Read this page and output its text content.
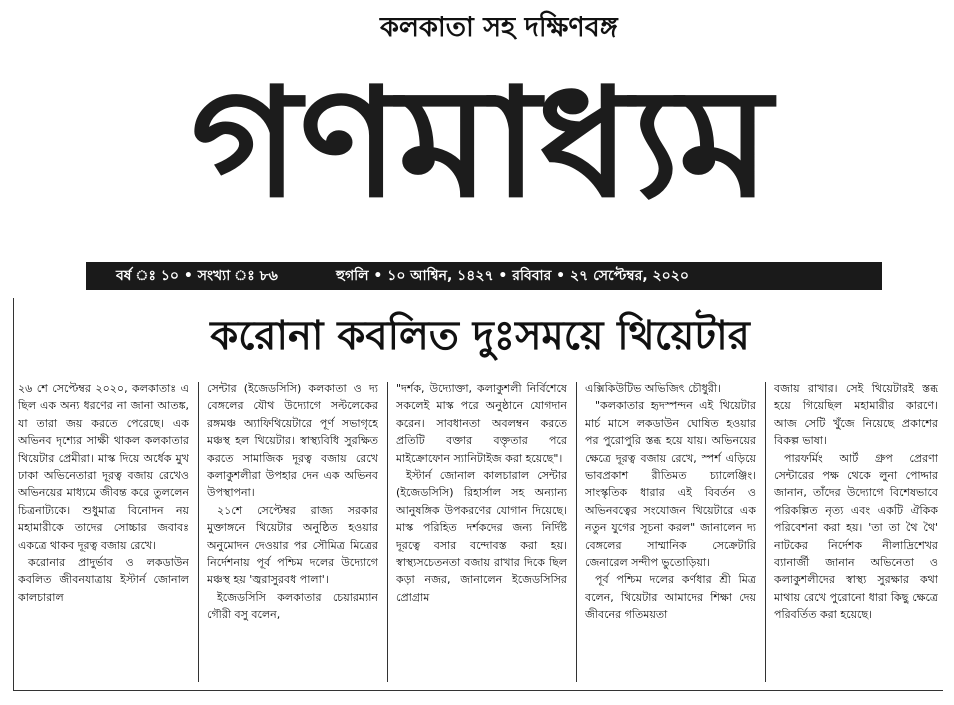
কলকাতা সহ দক্ষিণবঙ্গ
গণমাধ্যম
বর্ষ ঃ ১০ • সংখ্যা ঃ ৮৬	হুগলি • ১০ আশ্বিন, ১৪২৭ • রবিবার • ২৭ সেপ্টেম্বর, ২০২০
করোনা কবলিত দুঃসময়ে থিয়েটার

২৬ শে সেপ্টেম্বর ২০২০, কলকাতাঃ এ ছিল এক অন্য ধরণের না জানা আতঙ্ক, যা তারা জয় করতে পেরেছে। এক অভিনব দৃশ্যের সাক্ষী থাকল কলকাতার থিয়েটার প্রেমীরা। মাস্ক দিয়ে অর্ধেক মুখ ঢাকা অভিনেতারা দূরত্ব বজায় রেখেও অভিনয়ের মাধ্যমে জীবন্ত করে তুললেন চিত্রনাট্যকে। শুধুমাত্র বিনোদন নয় মহামারীকে তাদের সোচ্চার জবাবঃ একত্রে থাকব দূরত্ব বজায় রেখে।

করোনার প্রাদুর্ভাব ও লকডাউন কবলিত জীবনযাত্রায় ইস্টার্ন জোনাল কালচারাল

সেন্টার (ইজেডসিসি) কলকাতা ও দ্য বেঙ্গলের যৌথ উদ্যোগে সল্টলেকের রঙ্গমঞ্চ অ্যাফিথিয়েটারে পূর্ণ সভাগৃহে মঞ্চস্থ হল থিয়েটার। স্বাস্থ্যবিধি সুরক্ষিত করতে সামাজিক দূরত্ব বজায় রেখে কলাকুশলীরা উপহার দেন এক অভিনব উপস্থাপনা।

২১শে সেপ্টেম্বর রাজ্য সরকার মুক্তাঙ্গনে থিয়েটার অনুষ্ঠিত হওয়ার অনুমোদন দেওয়ার পর সৌমিত্র মিত্রের নির্দেশনায় পূর্ব পশ্চিম দলের উদ্যোগে মঞ্চস্থ হয় 'জ্বরাসুরবধ পালা'।

ইজেডসিসি কলকাতার চেয়ারম্যান গৌরী বসু বলেন,

"দর্শক, উদ্যোক্তা, কলাকুশলী নির্বিশেষে সকলেই মাস্ক পরে অনুষ্ঠানে যোগদান করেন। সাবধানতা অবলম্বন করতে প্রতিটি বক্তার বক্তৃতার পরে মাইক্রোফোন স্যানিটাইজ করা হয়েছে"।

ইস্টার্ন জোনাল কালচারাল সেন্টার (ইজেডসিসি) রিহার্সাল সহ অন্যান্য আনুষঙ্গিক উপকরণের যোগান দিয়েছে। মাস্ক পরিহিত দর্শকদের জন্য নির্দিষ্ট দূরত্বে বসার বন্দোবস্ত করা হয়। স্বাস্থ্যসচেতনতা বজায় রাখার দিকে ছিল কড়া নজর, জানালেন ইজেডসিসির প্রোগ্রাম

এক্সিকিউটিভ অভিজিৎ চৌধুরী।

"কলকাতার হৃদস্পন্দন এই থিয়েটার মার্চ মাসে লকডাউন ঘোষিত হওয়ার পর পুরোপুরি স্তব্ধ হয়ে যায়। অভিনয়ের ক্ষেত্রে দূরত্ব বজায় রেখে, স্পর্শ এড়িয়ে ভাবপ্রকাশ রীতিমত চ্যালেঞ্জিং। সাংস্কৃতিক ধারার এই বিবর্তন ও অভিনবত্বের সংযোজন থিয়েটারে এক নতুন যুগের সূচনা করল" জানালেন দ্য বেঙ্গলের সাম্মানিক সেক্রেটারি জেনারেল সন্দীপ ভুতোড়িয়া।

পূর্ব পশ্চিম দলের কর্ণধার শ্রী মিত্র বলেন, থিয়েটার আমাদের শিক্ষা দেয় জীবনের গতিময়তা

বজায় রাখার। সেই থিয়েটারই স্তব্ধ হয়ে গিয়েছিল মহামারীর কারণে। আজ সেটি খুঁজে নিয়েছে প্রকাশের বিকল্প ভাষা।

পারফর্মিং আর্ট গ্রুপ প্রেরণা সেন্টারের পক্ষ থেকে লুনা পোদ্দার জানান, তাঁদের উদ্যোগে বিশেষভাবে পরিকল্পিত নৃত্য এবং একটি ঐকিক পরিবেশনা করা হয়। 'তা তা থৈ থৈ' নাটকের নির্দেশক নীলাদ্রিশেখর ব্যানার্জী জানান অভিনেতা ও কলাকুশলীদের স্বাস্থ্য সুরক্ষার কথা মাথায় রেখে পুরোনো ধারা কিছু ক্ষেত্রে পরিবর্তিত করা হয়েছে।
